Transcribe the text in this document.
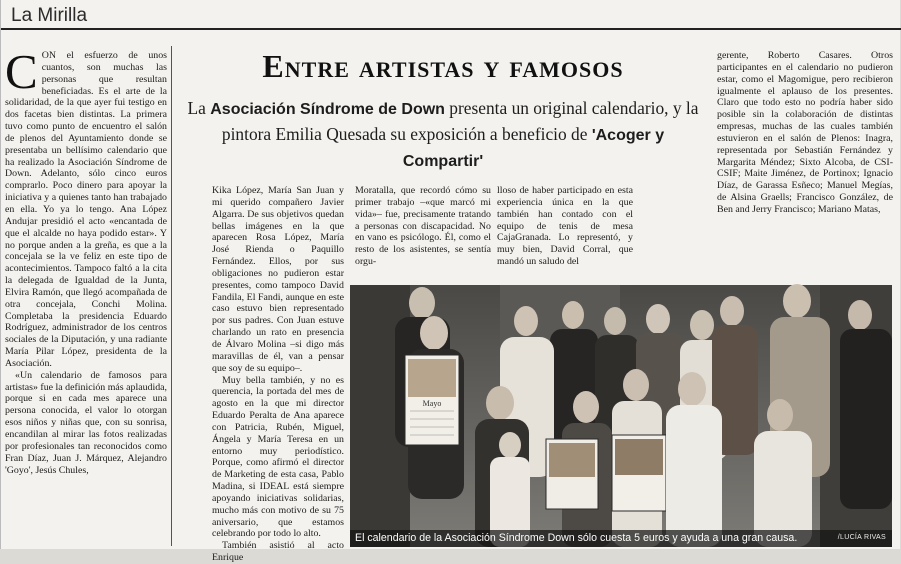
La Mirilla
C ON el esfuerzo de unos cuantos, son muchas las personas que resultan beneficiadas. Es el arte de la solidaridad, de la que ayer fui testigo en dos facetas bien distintas. La primera tuvo como punto de encuentro el salón de plenos del Ayuntamiento donde se presentaba un bellísimo calendario que ha realizado la Asociación Síndrome de Down. Adelanto, sólo cinco euros comprarlo. Poco dinero para apoyar la iniciativa y a quienes tanto han trabajado en ella. Yo ya lo tengo. Ana López Andujar presidió el acto «encantada de que el alcalde no haya podido estar». Y no porque anden a la greña, es que a la concejala se la ve feliz en este tipo de acontecimientos. Tampoco faltó a la cita la delegada de Igualdad de la Junta, Elvira Ramón, que llegó acompañada de otra concejala, Conchi Molina. Completaba la presidencia Eduardo Rodríguez, administrador de los centros sociales de la Diputación, y una radiante María Pilar López, presidenta de la Asociación.

«Un calendario de famosos para artistas» fue la definición más aplaudida, porque si en cada mes aparece una persona conocida, el valor lo otorgan esos niños y niñas que, con su sonrisa, encandilan al mirar las fotos realizadas por profesionales tan reconocidos como Fran Díaz, Juan J. Márquez, Alejandro 'Goyo', Jesús Chules,

Entre artistas y famosos
La Asociación Síndrome de Down presenta un original calendario, y la pintora Emilia Quesada su exposición a beneficio de 'Acoger y Compartir'

gerente, Roberto Casares. Otros participantes en el calendario no pudieron estar, como el Magomigue, pero recibieron igualmente el aplauso de los presentes. Claro que todo esto no podría haber sido posible sin la colaboración de distintas empresas, muchas de las cuales también estuvieron en el salón de Plenos: Inagra, representada por Sebastián Fernández y Margarita Méndez; Sixto Alcoba, de CSI-CSIF; Maite Jiménez, de Portinox; Ignacio Díaz, de Garassa Esñeco; Manuel Megías, de Alsina Graells; Francisco González, de Ben and Jerry Francisco; Mariano Matas,

Kika López, María San Juan y mi querido compañero Javier Algarra. De sus objetivos quedan bellas imágenes en la que aparecen Rosa López, María José Rienda o Paquillo Fernández. Ellos, por sus obligaciones no pudieron estar presentes, como tampoco David Fandila, El Fandi, aunque en este caso estuvo bien representado por sus padres. Con Juan estuve charlando un rato en presencia de Álvaro Molina –si digo más maravillas de él, van a pensar que soy de su equipo–.

Muy bella también, y no es querencia, la portada del mes de agosto en la que mi director Eduardo Peralta de Ana aparece con Patricia, Rubén, Miguel, Ángela y María Teresa en un entorno muy periodístico. Porque, como afirmó el director de Marketing de esta casa, Pablo Madina, si IDEAL está siempre apoyando iniciativas solidarias, mucho más con motivo de su 75 aniversario, que estamos celebrando por todo lo alto.

También asistió al acto Enrique

Moratalla, que recordó cómo su primer trabajo –«que marcó mi vida»– fue, precisamente tratando a personas con discapacidad. No en vano es psicólogo. Él, como el resto de los asistentes, se sentía orgu-

lloso de haber participado en esta experiencia única en la que también han contado con el equipo de tenis de mesa CajaGranada. Lo representó, y muy bien, David Corral, que mandó un saludo del

Mayo
El calendario de la Asociación Síndrome Down sólo cuesta 5 euros y ayuda a una gran causa.	/LUCÍA RIVAS
